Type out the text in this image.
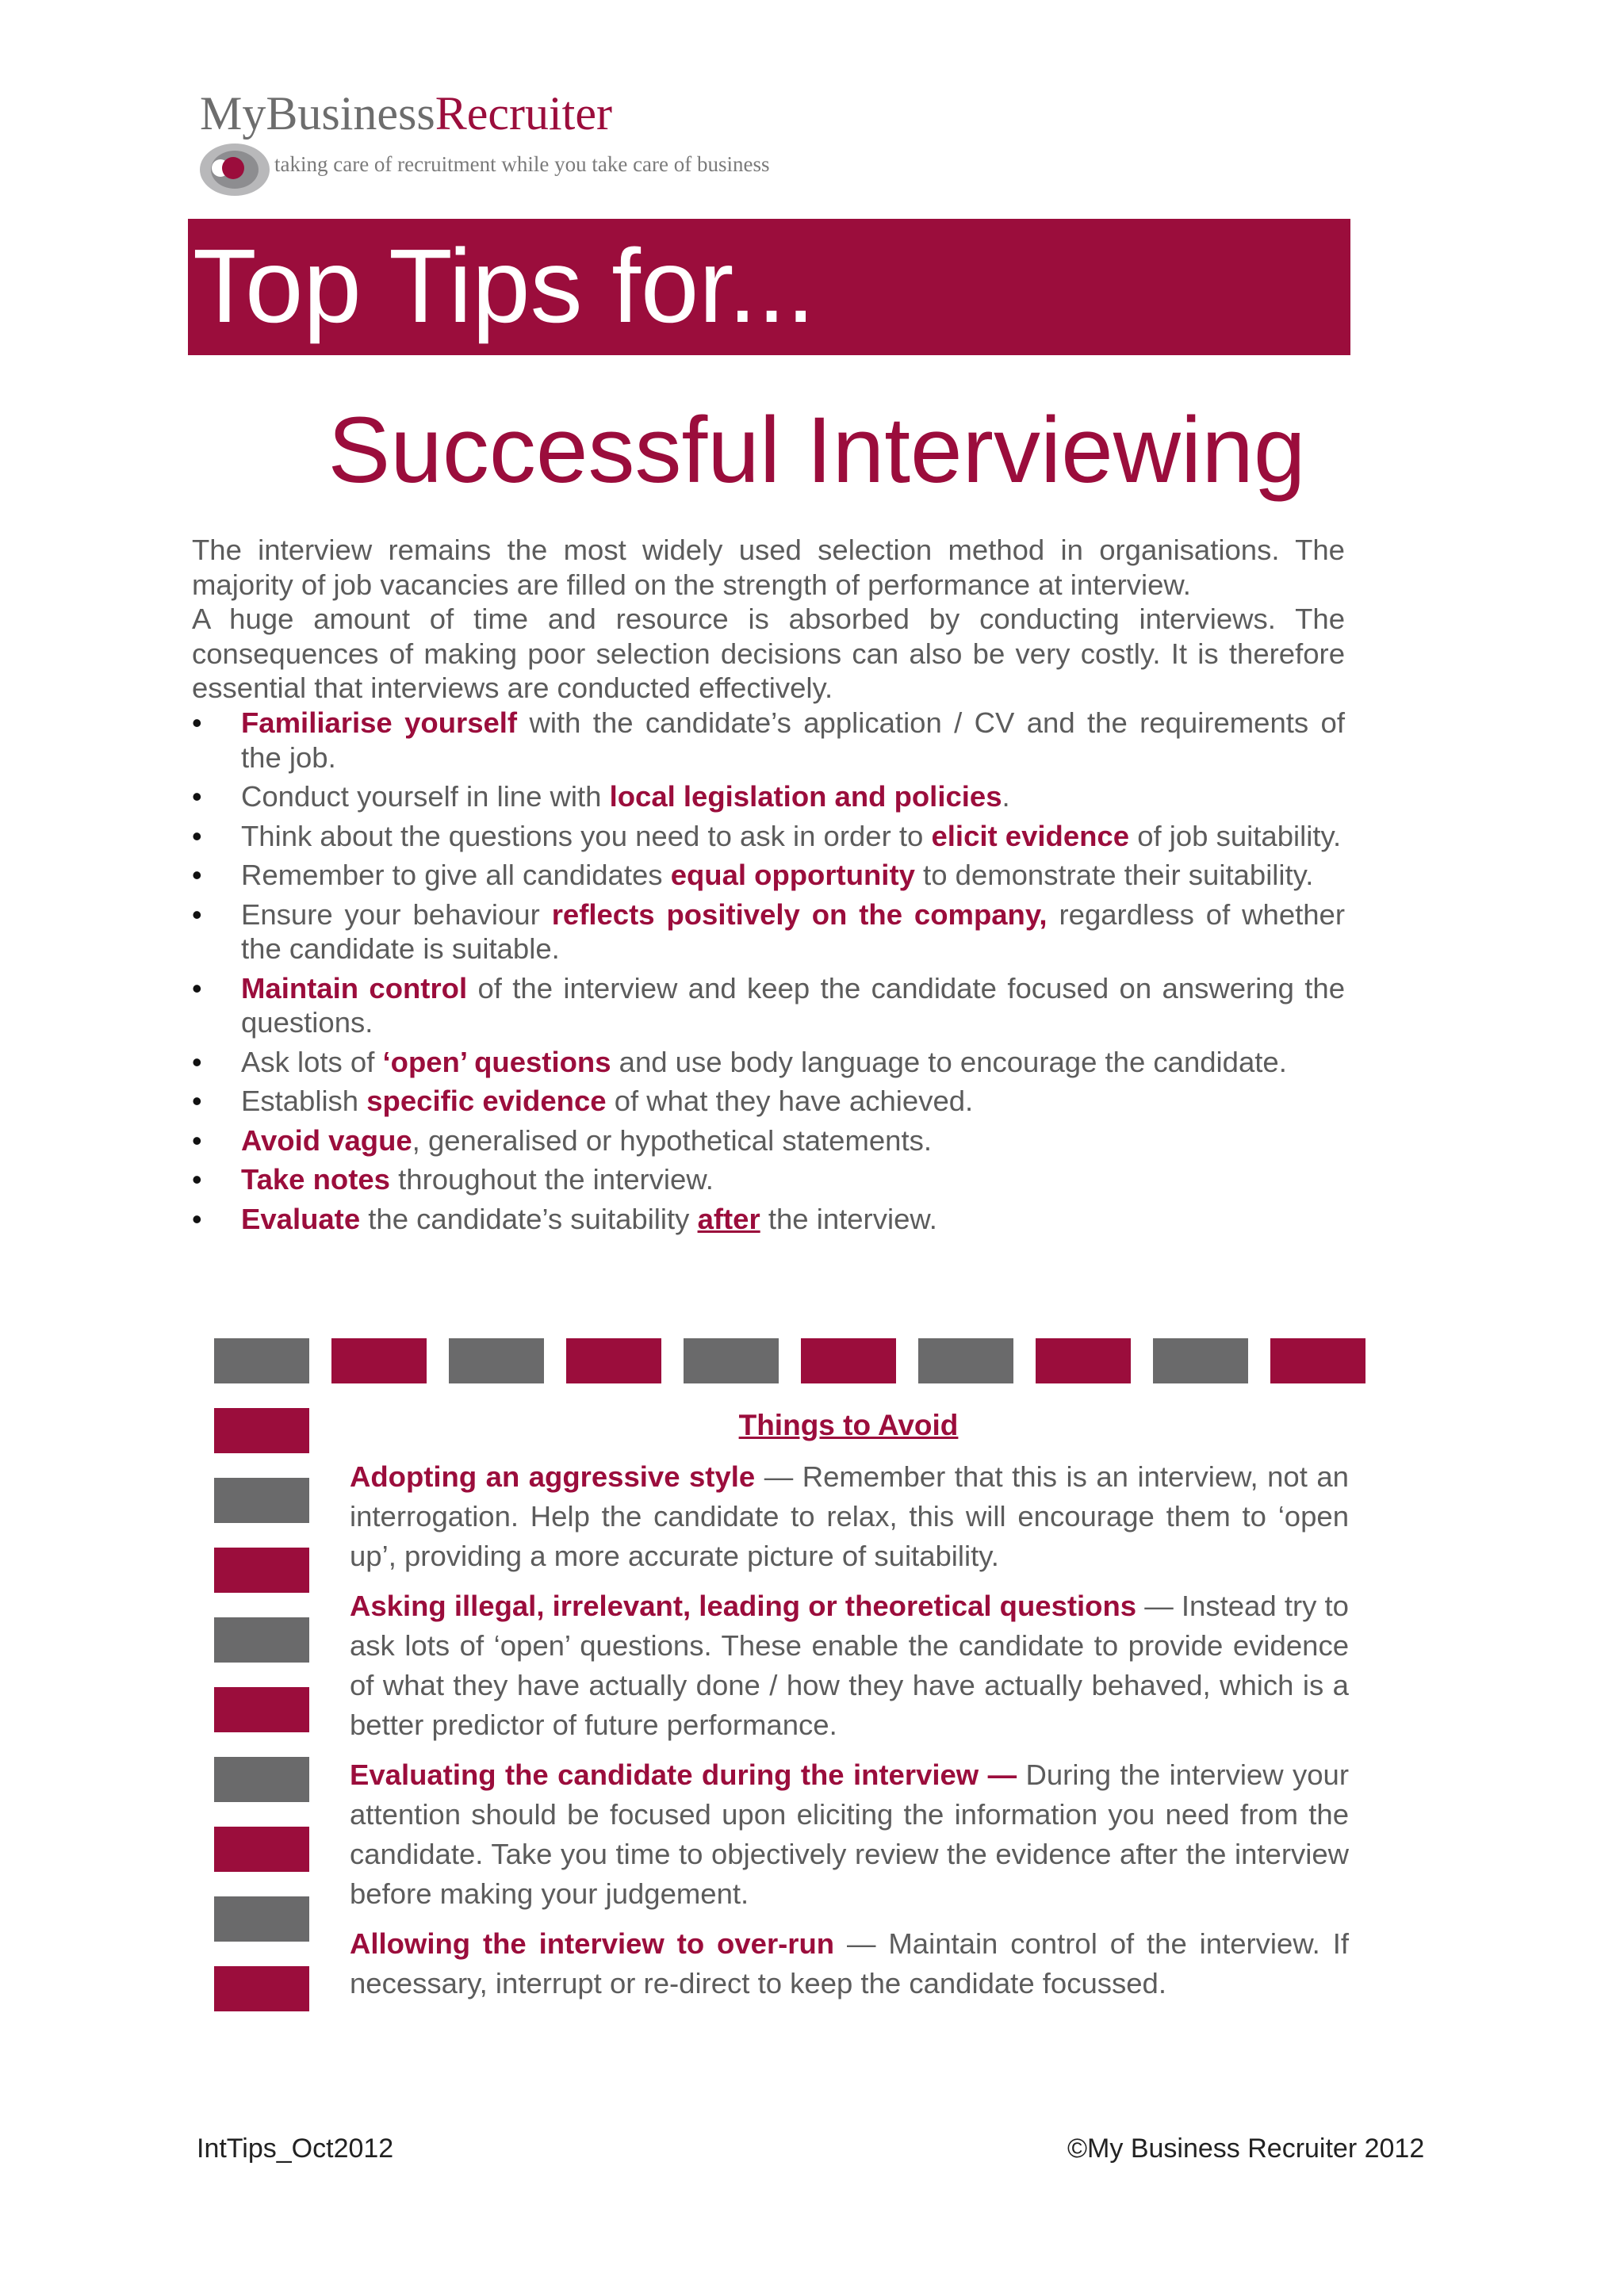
MyBusinessRecruiter
taking care of recruitment while you take care of business
Top Tips for...
Successful Interviewing

The interview remains the most widely used selection method in organisations. The majority of job vacancies are filled on the strength of performance at interview.

A huge amount of time and resource is absorbed by conducting interviews. The consequences of making poor selection decisions can also be very costly. It is therefore essential that interviews are conducted effectively.

• Familiarise yourself with the candidate’s application / CV and the requirements of the job.
• Conduct yourself in line with local legislation and policies.
• Think about the questions you need to ask in order to elicit evidence of job suitability.
• Remember to give all candidates equal opportunity to demonstrate their suitability.
• Ensure your behaviour reflects positively on the company, regardless of whether the candidate is suitable.
• Maintain control of the interview and keep the candidate focused on answering the questions.
• Ask lots of ‘open’ questions and use body language to encourage the candidate.
• Establish specific evidence of what they have achieved.
• Avoid vague, generalised or hypothetical statements.
• Take notes throughout the interview.
• Evaluate the candidate’s suitability after the interview.
Things to Avoid
Adopting an aggressive style — Remember that this is an interview, not an interrogation. Help the candidate to relax, this will encourage them to ‘open up’, providing a more accurate picture of suitability.
Asking illegal, irrelevant, leading or theoretical questions — Instead try to ask lots of ‘open’ questions. These enable the candidate to provide evidence of what they have actually done / how they have actually behaved, which is a better predictor of future performance.
Evaluating the candidate during the interview — During the interview your attention should be focused upon eliciting the information you need from the candidate. Take you time to objectively review the evidence after the interview before making your judgement.
Allowing the interview to over-run — Maintain control of the interview. If necessary, interrupt or re-direct to keep the candidate focussed.
IntTips_Oct2012	©My Business Recruiter 2012
